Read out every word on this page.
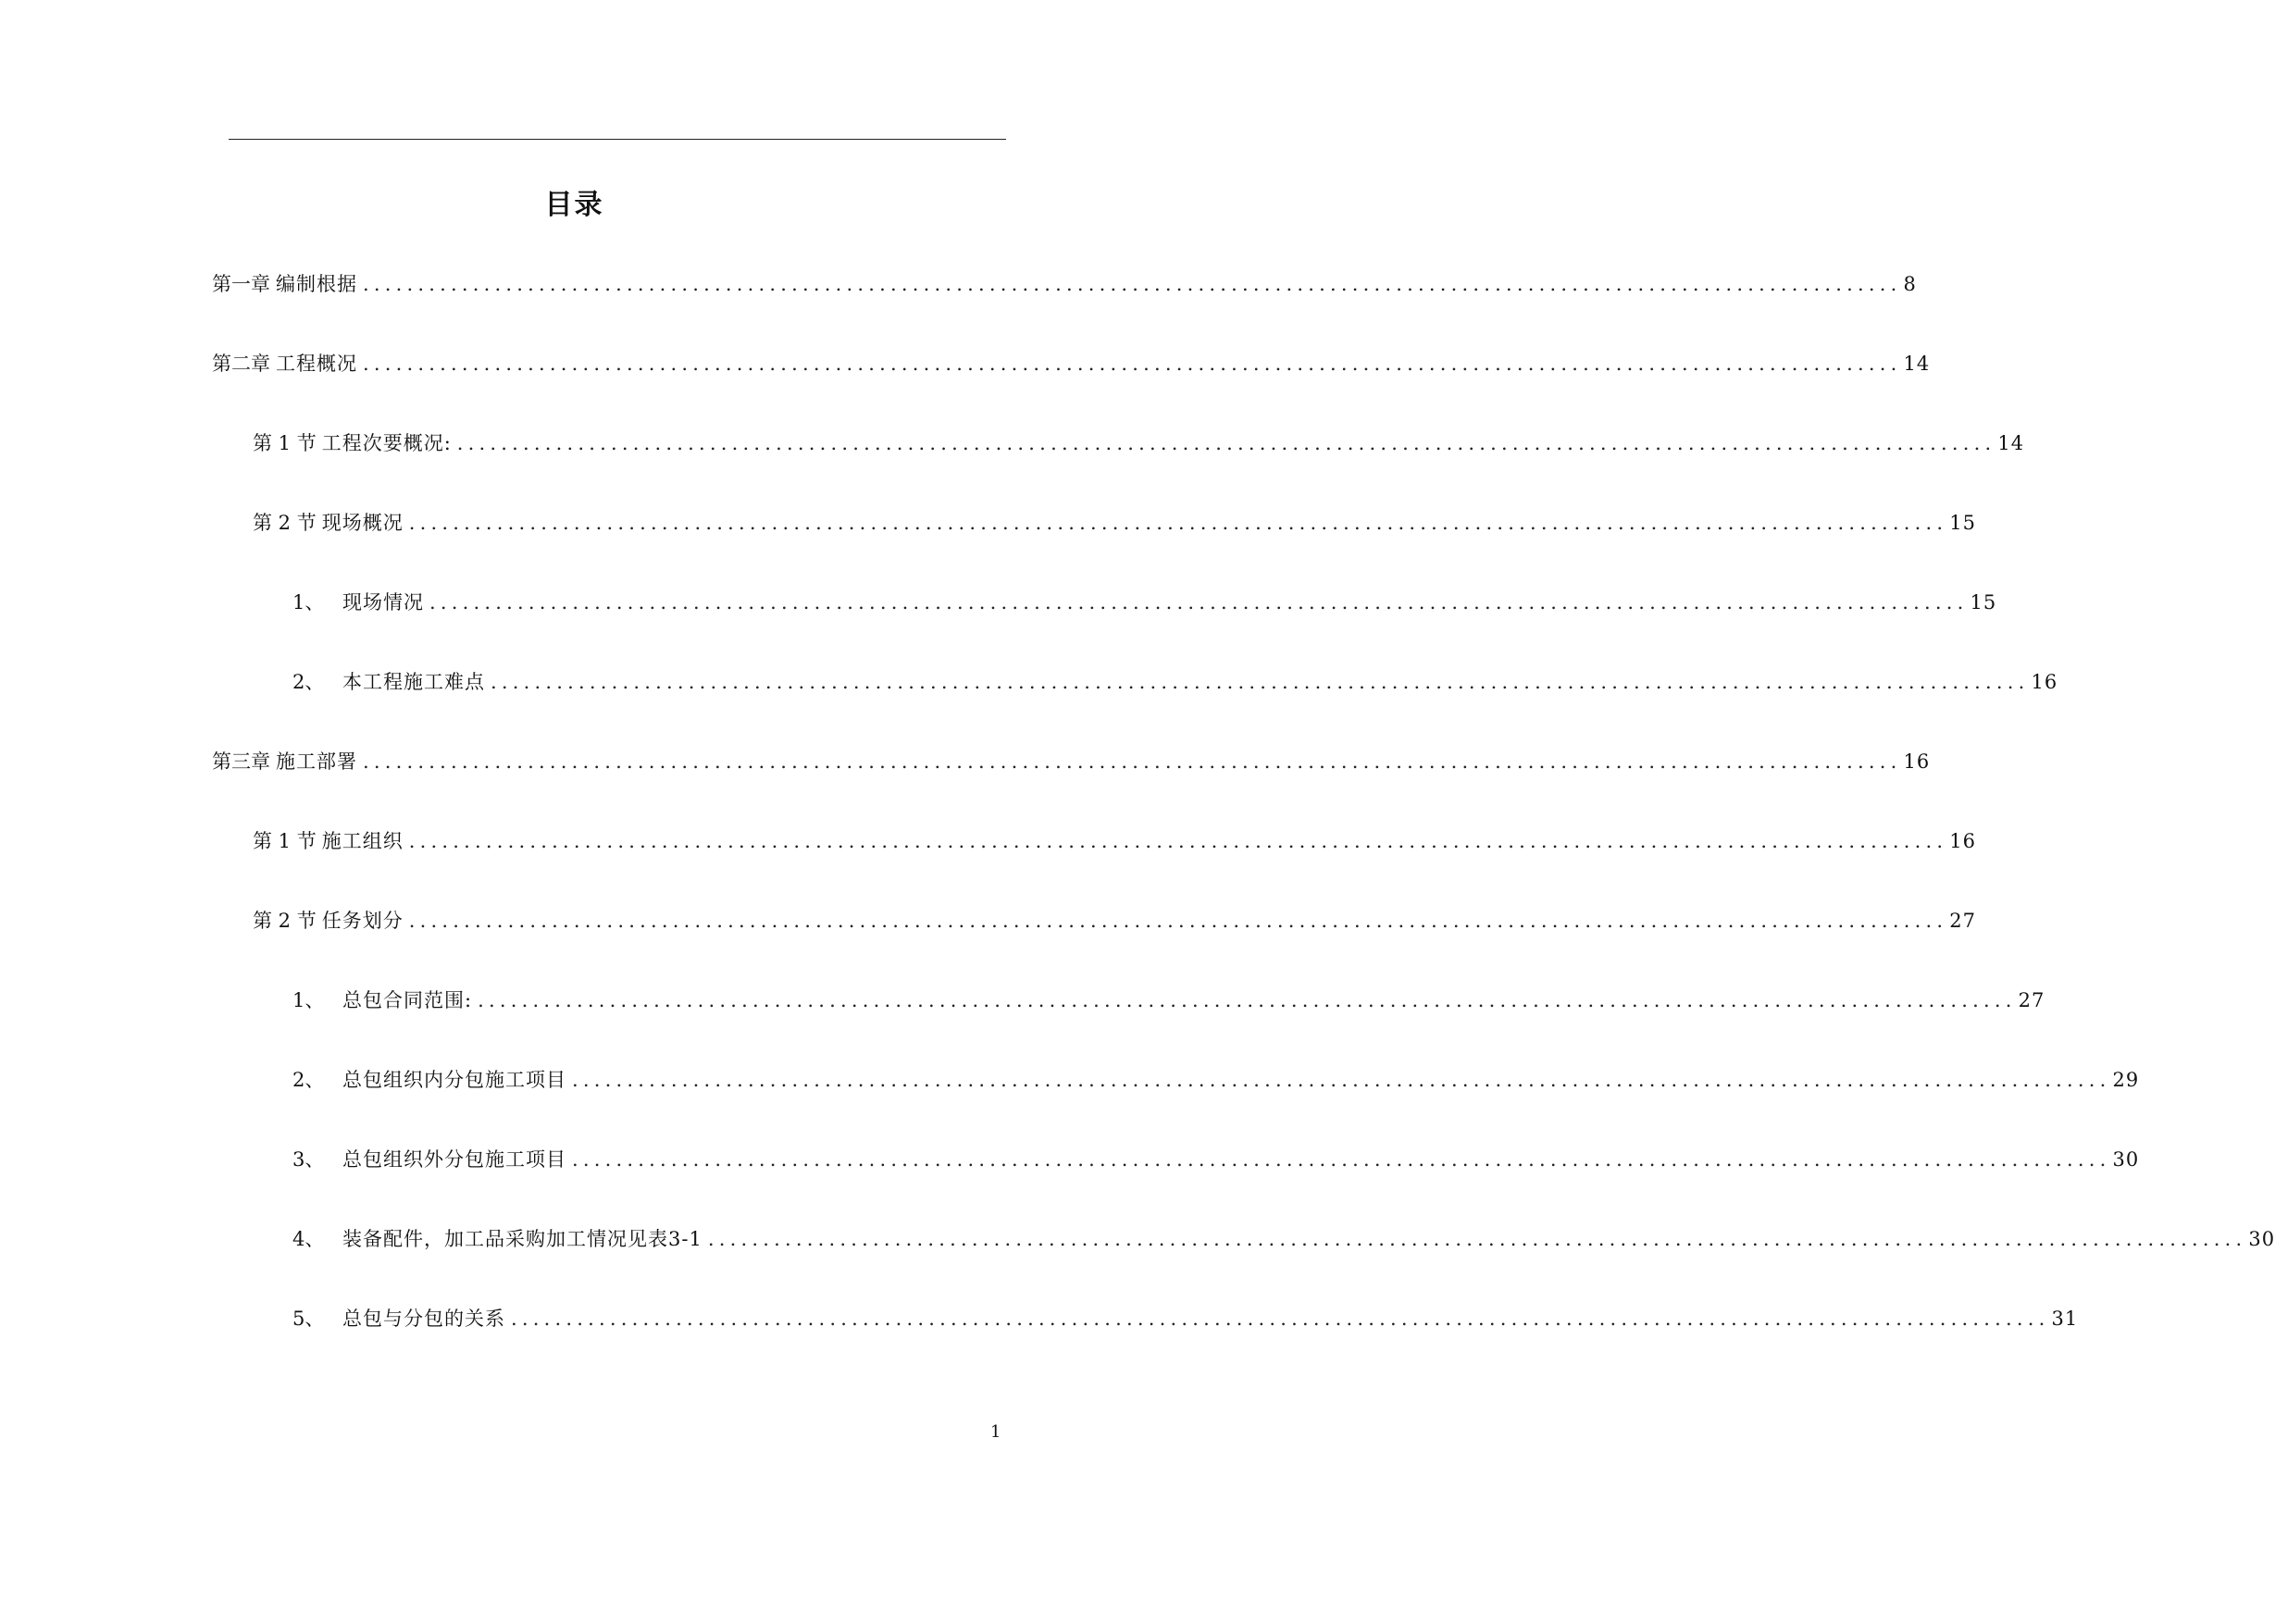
目录
第一章 编制根据 ............................................................................................................................................ 8
第二章 工程概况 ............................................................................................................................................ 14
第 1 节 工程次要概况: ............................................................................................................................................ 14
第 2 节 现场概况 ............................................................................................................................................ 15
1、 现场情况 ............................................................................................................................................ 15
2、 本工程施工难点 ............................................................................................................................................ 16
第三章 施工部署 ............................................................................................................................................ 16
第 1 节 施工组织 ............................................................................................................................................ 16
第 2 节 任务划分 ............................................................................................................................................ 27
1、 总包合同范围: ............................................................................................................................................ 27
2、 总包组织内分包施工项目 ............................................................................................................................................ 29
3、 总包组织外分包施工项目 ............................................................................................................................................ 30
4、 装备配件，加工品采购加工情况见表3-1 ............................................................................................................................................ 30
5、 总包与分包的关系 ............................................................................................................................................ 31
1
